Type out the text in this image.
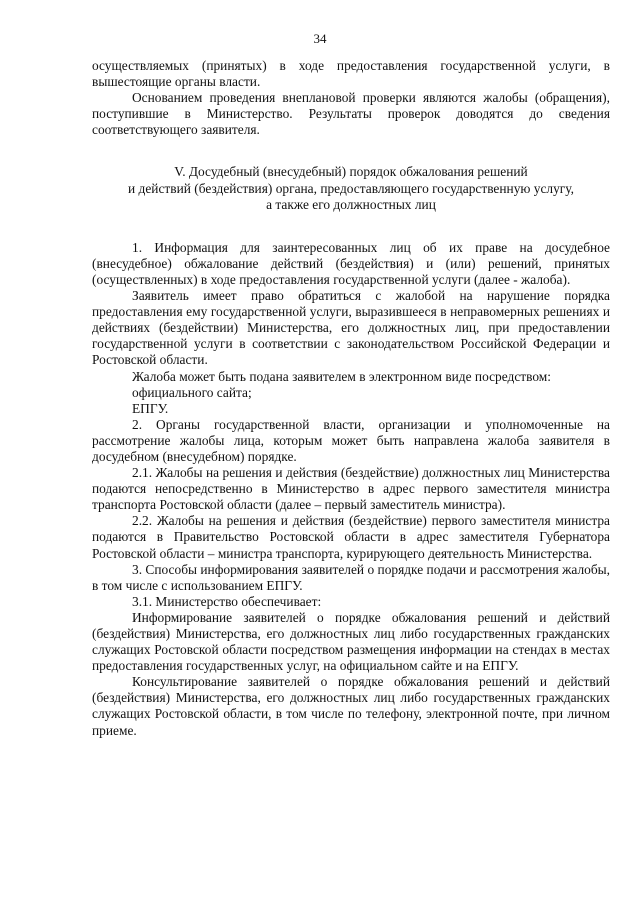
34

осуществляемых (принятых) в ходе предоставления государственной услуги, в вышестоящие органы власти.

Основанием проведения внеплановой проверки являются жалобы (обращения), поступившие в Министерство. Результаты проверок доводятся до сведения соответствующего заявителя.

V. Досудебный (внесудебный) порядок обжалования решений
и действий (бездействия) органа, предоставляющего государственную услугу,
а также его должностных лиц

1. Информация для заинтересованных лиц об их праве на досудебное (внесудебное) обжалование действий (бездействия) и (или) решений, принятых (осуществленных) в ходе предоставления государственной услуги (далее - жалоба).

Заявитель имеет право обратиться с жалобой на нарушение порядка предоставления ему государственной услуги, выразившееся в неправомерных решениях и действиях (бездействии) Министерства, его должностных лиц, при предоставлении государственной услуги в соответствии с законодательством Российской Федерации и Ростовской области.

Жалоба может быть подана заявителем в электронном виде посредством:

официального сайта;

ЕПГУ.

2. Органы государственной власти, организации и уполномоченные на рассмотрение жалобы лица, которым может быть направлена жалоба заявителя в досудебном (внесудебном) порядке.

2.1. Жалобы на решения и действия (бездействие) должностных лиц Министерства подаются непосредственно в Министерство в адрес первого заместителя министра транспорта Ростовской области (далее – первый заместитель министра).

2.2. Жалобы на решения и действия (бездействие) первого заместителя министра подаются в Правительство Ростовской области в адрес заместителя Губернатора Ростовской области – министра транспорта, курирующего деятельность Министерства.

3. Способы информирования заявителей о порядке подачи и рассмотрения жалобы, в том числе с использованием ЕПГУ.

3.1. Министерство обеспечивает:

Информирование заявителей о порядке обжалования решений и действий (бездействия) Министерства, его должностных лиц либо государственных гражданских служащих Ростовской области посредством размещения информации на стендах в местах предоставления государственных услуг, на официальном сайте и на ЕПГУ.

Консультирование заявителей о порядке обжалования решений и действий (бездействия) Министерства, его должностных лиц либо государственных гражданских служащих Ростовской области, в том числе по телефону, электронной почте, при личном приеме.
